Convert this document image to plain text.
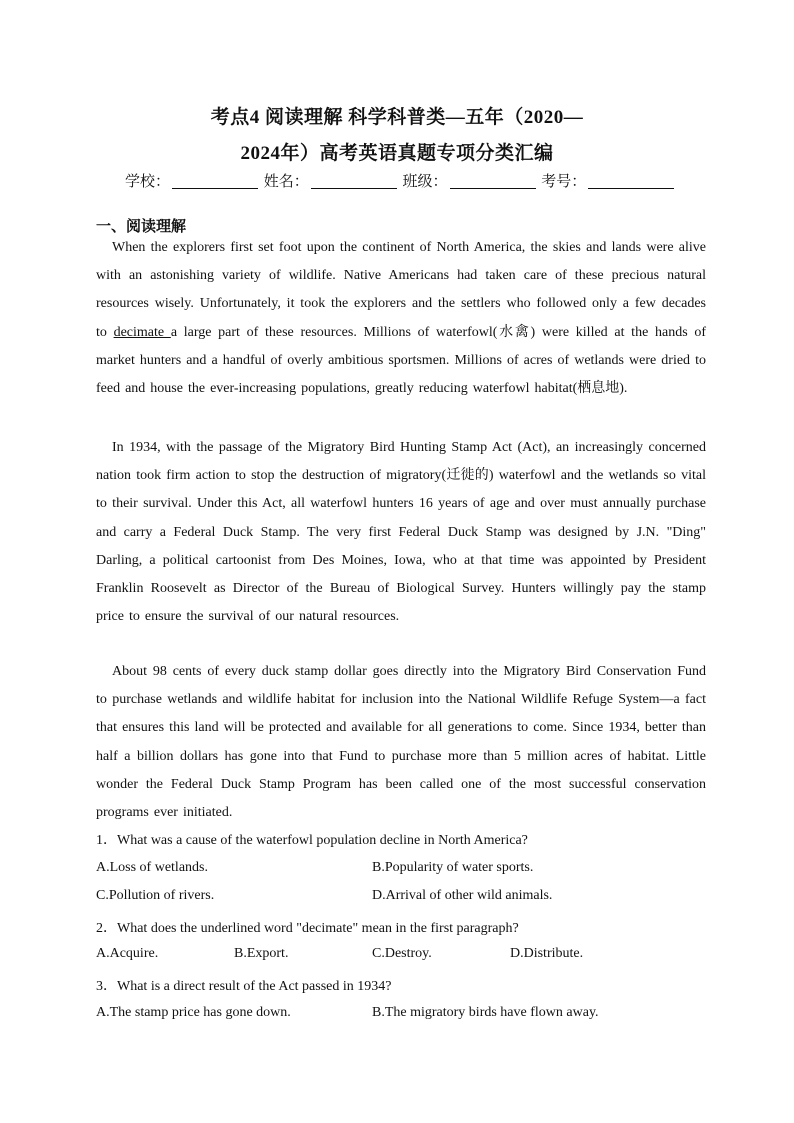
考点4 阅读理解 科学科普类—五年（2020—
2024年）高考英语真题专项分类汇编
学校：	姓名：	班级：	考号：
一、阅读理解

When the explorers first set foot upon the continent of North America, the skies and lands were alive with an astonishing variety of wildlife. Native Americans had taken care of these precious natural resources wisely. Unfortunately, it took the explorers and the settlers who followed only a few decades to decimate a large part of these resources. Millions of waterfowl(水禽) were killed at the hands of market hunters and a handful of overly ambitious sportsmen. Millions of acres of wetlands were dried to feed and house the ever-increasing populations, greatly reducing waterfowl habitat(栖息地).

In 1934, with the passage of the Migratory Bird Hunting Stamp Act (Act), an increasingly concerned nation took firm action to stop the destruction of migratory(迁徙的) waterfowl and the wetlands so vital to their survival. Under this Act, all waterfowl hunters 16 years of age and over must annually purchase and carry a Federal Duck Stamp. The very first Federal Duck Stamp was designed by J.N. "Ding" Darling, a political cartoonist from Des Moines, Iowa, who at that time was appointed by President Franklin Roosevelt as Director of the Bureau of Biological Survey. Hunters willingly pay the stamp price to ensure the survival of our natural resources.

About 98 cents of every duck stamp dollar goes directly into the Migratory Bird Conservation Fund to purchase wetlands and wildlife habitat for inclusion into the National Wildlife Refuge System—a fact that ensures this land will be protected and available for all generations to come. Since 1934, better than half a billion dollars has gone into that Fund to purchase more than 5 million acres of habitat. Little wonder the Federal Duck Stamp Program has been called one of the most successful conservation programs ever initiated.

1．What was a cause of the waterfowl population decline in North America?
A.Loss of wetlands.	B.Popularity of water sports.
C.Pollution of rivers.	D.Arrival of other wild animals.
2．What does the underlined word "decimate" mean in the first paragraph?
A.Acquire.	B.Export.	C.Destroy.	D.Distribute.
3．What is a direct result of the Act passed in 1934?
A.The stamp price has gone down.	B.The migratory birds have flown away.
